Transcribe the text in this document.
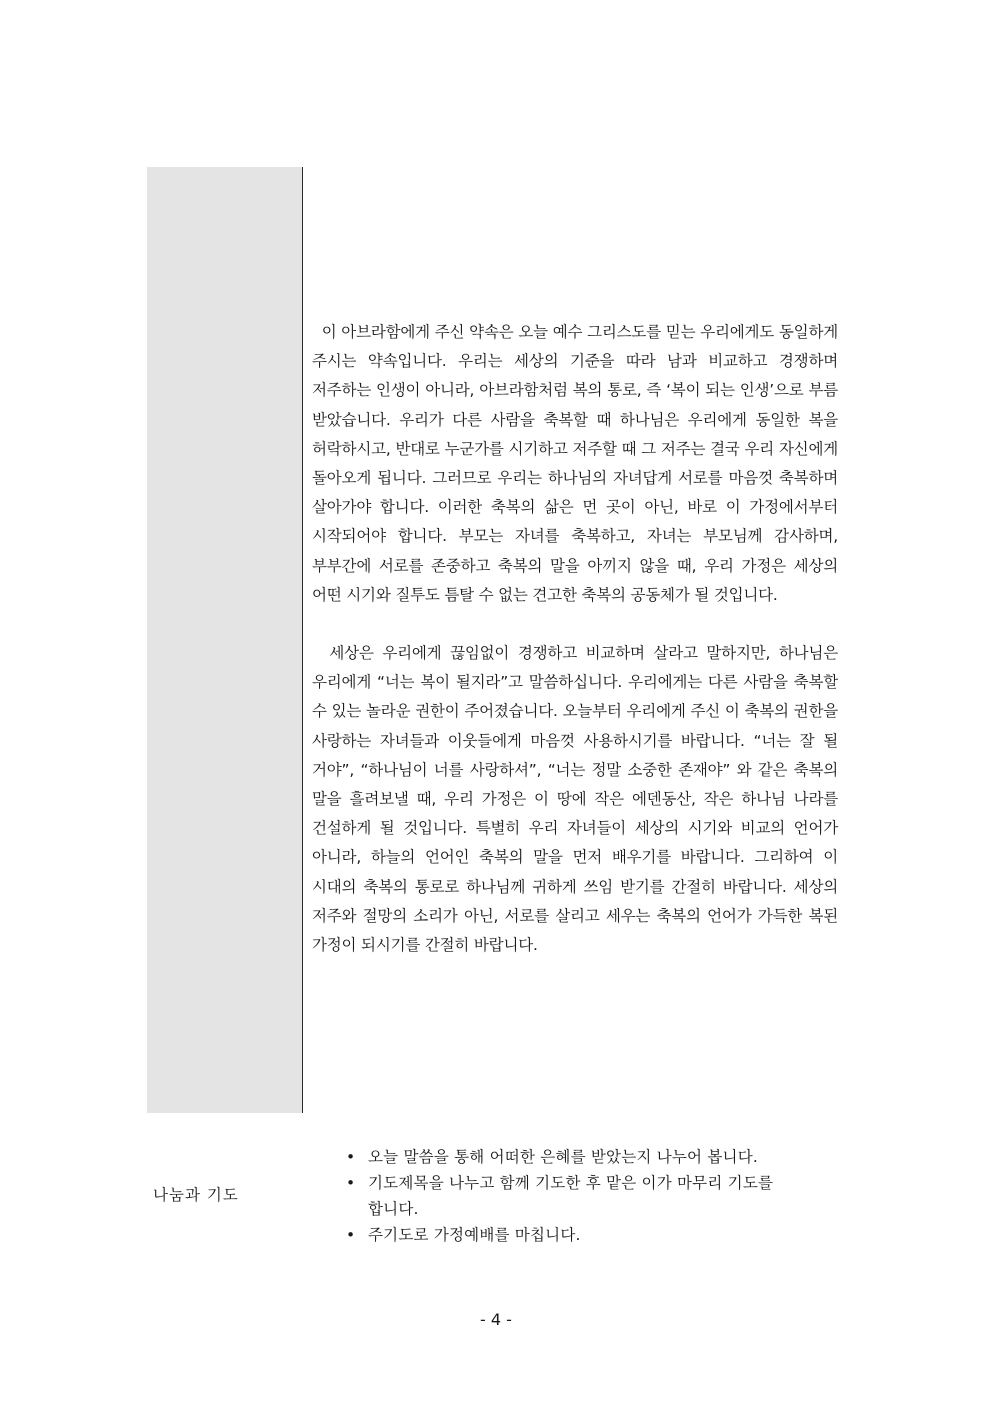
이 아브라함에게 주신 약속은 오늘 예수 그리스도를 믿는 우리에게도 동일하게 주시는 약속입니다. 우리는 세상의 기준을 따라 남과 비교하고 경쟁하며 저주하는 인생이 아니라, 아브라함처럼 복의 통로, 즉 ‘복이 되는 인생’으로 부름 받았습니다. 우리가 다른 사람을 축복할 때 하나님은 우리에게 동일한 복을 허락하시고, 반대로 누군가를 시기하고 저주할 때 그 저주는 결국 우리 자신에게 돌아오게 됩니다. 그러므로 우리는 하나님의 자녀답게 서로를 마음껏 축복하며 살아가야 합니다. 이러한 축복의 삶은 먼 곳이 아닌, 바로 이 가정에서부터 시작되어야 합니다. 부모는 자녀를 축복하고, 자녀는 부모님께 감사하며, 부부간에 서로를 존중하고 축복의 말을 아끼지 않을 때, 우리 가정은 세상의 어떤 시기와 질투도 틈탈 수 없는 견고한 축복의 공동체가 될 것입니다.

세상은 우리에게 끊임없이 경쟁하고 비교하며 살라고 말하지만, 하나님은 우리에게 “너는 복이 될지라”고 말씀하십니다. 우리에게는 다른 사람을 축복할 수 있는 놀라운 권한이 주어졌습니다. 오늘부터 우리에게 주신 이 축복의 권한을 사랑하는 자녀들과 이웃들에게 마음껏 사용하시기를 바랍니다. “너는 잘 될 거야”, “하나님이 너를 사랑하셔”, “너는 정말 소중한 존재야” 와 같은 축복의 말을 흘려보낼 때, 우리 가정은 이 땅에 작은 에덴동산, 작은 하나님 나라를 건설하게 될 것입니다. 특별히 우리 자녀들이 세상의 시기와 비교의 언어가 아니라, 하늘의 언어인 축복의 말을 먼저 배우기를 바랍니다. 그리하여 이 시대의 축복의 통로로 하나님께 귀하게 쓰임 받기를 간절히 바랍니다. 세상의 저주와 절망의 소리가 아닌, 서로를 살리고 세우는 축복의 언어가 가득한 복된 가정이 되시기를 간절히 바랍니다.

나눔과 기도
• 오늘 말씀을 통해 어떠한 은혜를 받았는지 나누어 봅니다.
• 기도제목을 나누고 함께 기도한 후 맡은 이가 마무리 기도를 합니다.
• 주기도로 가정예배를 마칩니다.
- 4 -
